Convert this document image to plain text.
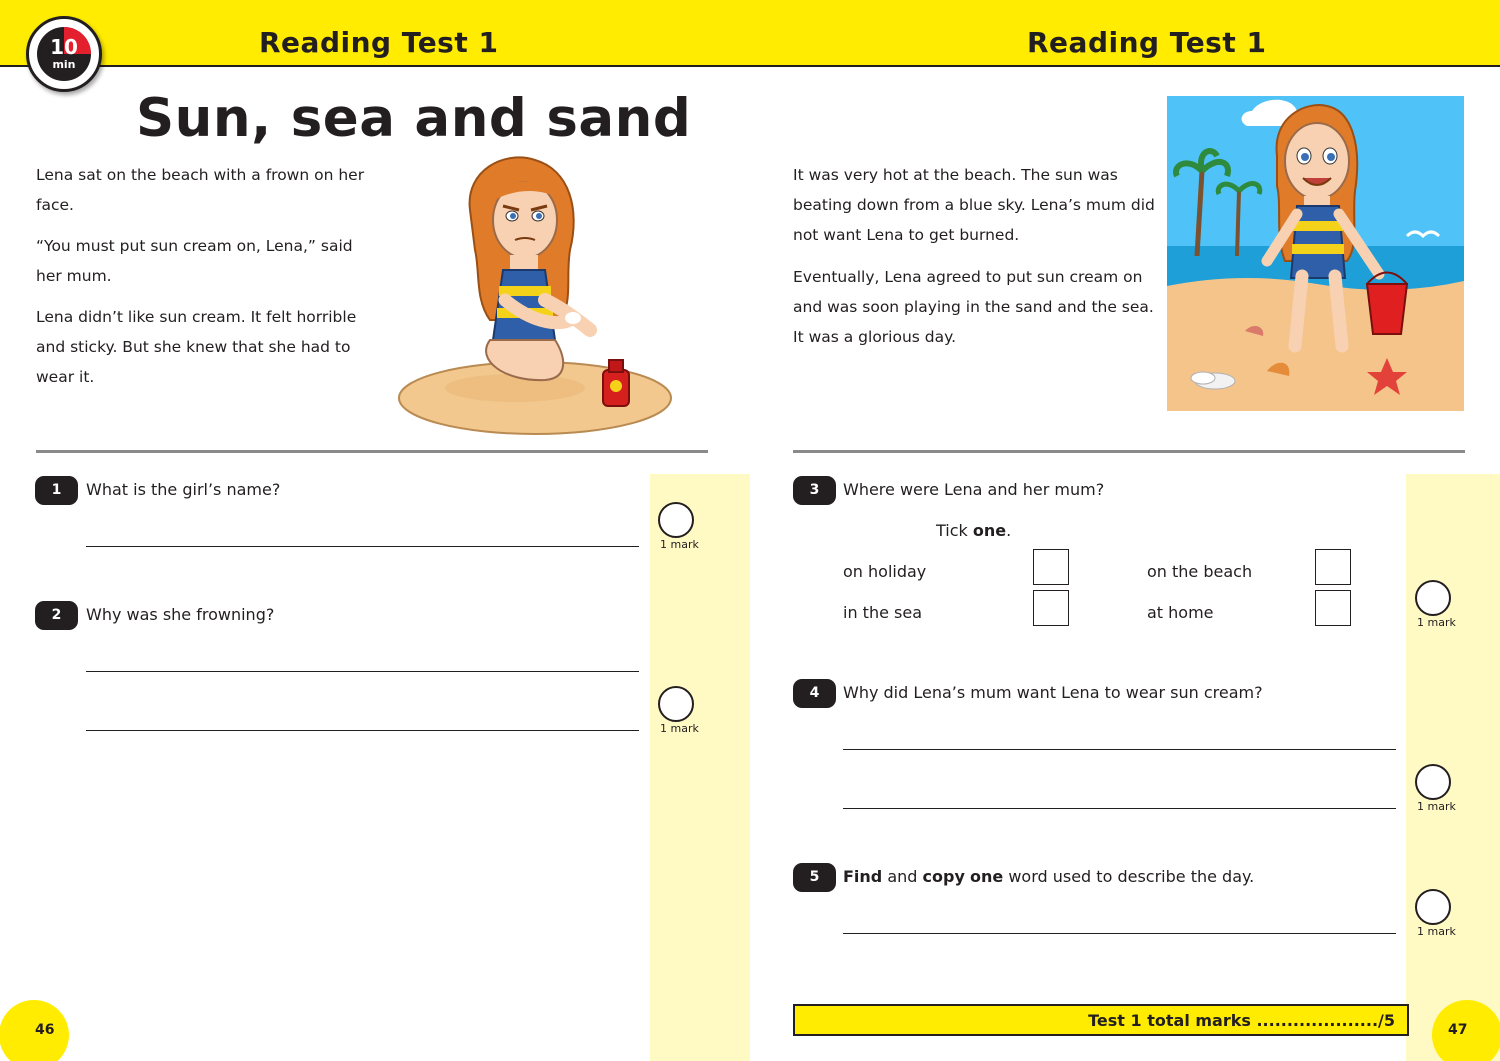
Reading Test 1	Reading Test 1
10
min
Sun, sea and sand
Lena sat on the beach with a frown on her
face.
“You must put sun cream on, Lena,” said
her mum.
Lena didn’t like sun cream. It felt horrible
and sticky. But she knew that she had to
wear it.
1	What is the girl’s name?
1 mark
2	Why was she frowning?
1 mark
46
It was very hot at the beach. The sun was
beating down from a blue sky. Lena’s mum did
not want Lena to get burned.
Eventually, Lena agreed to put sun cream on
and was soon playing in the sand and the sea.
It was a glorious day.
3	Where were Lena and her mum?
Tick one.
on holiday	on the beach
in the sea	at home
1 mark
4	Why did Lena’s mum want Lena to wear sun cream?
1 mark
5	Find and copy one word used to describe the day.
1 mark
Test 1 total marks ..................../5	47
